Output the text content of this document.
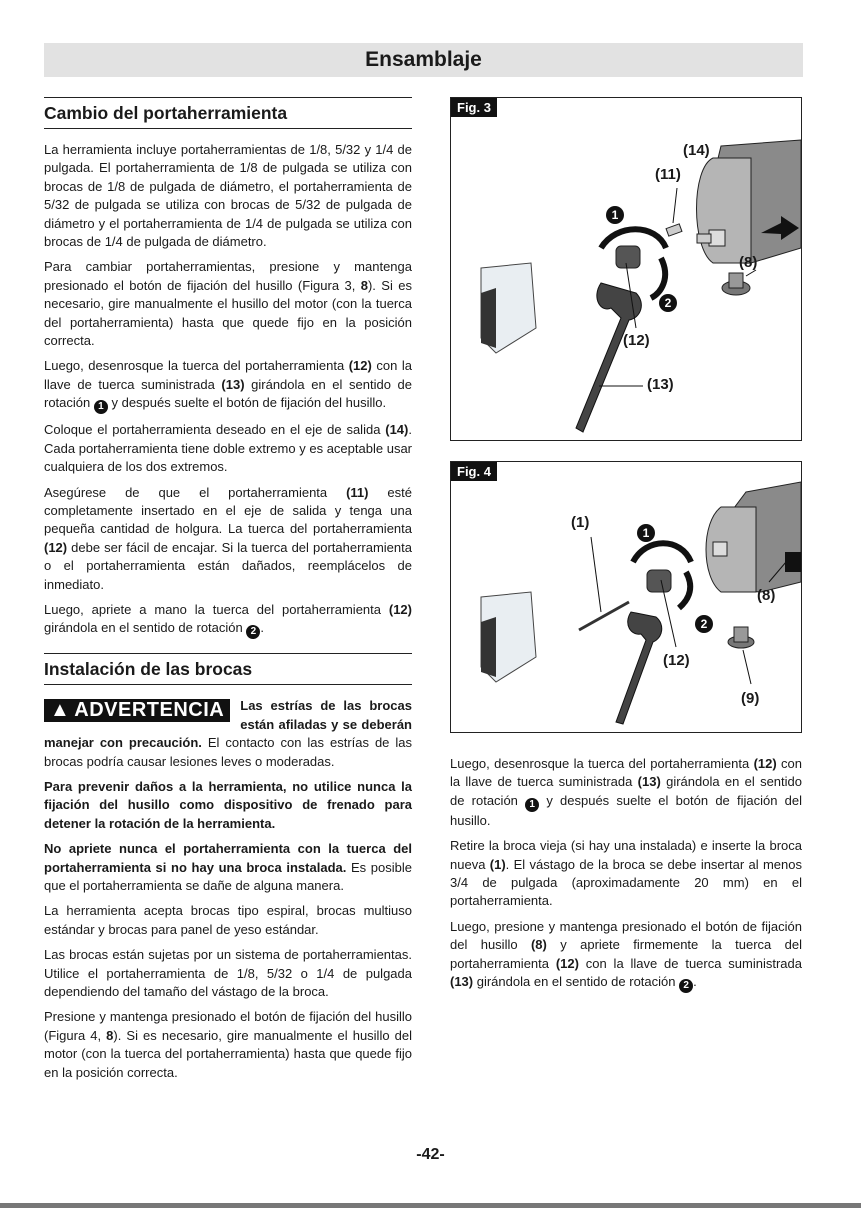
Ensamblaje
Cambio del portaherramienta

La herramienta incluye portaherramientas de 1/8, 5/32 y 1/4 de pulgada. El portaherramienta de 1/8 de pulgada se utiliza con brocas de 1/8 de pulgada de diámetro, el portaherramienta de 5/32 de pulgada se utiliza con brocas de 5/32 de pulgada de diámetro y el portaherramienta de 1/4 de pulgada se utiliza con brocas de 1/4 de pulgada de diámetro.

Para cambiar portaherramientas, presione y mantenga presionado el botón de fijación del husillo (Figura 3, 8). Si es necesario, gire manualmente el husillo del motor (con la tuerca del portaherramienta) hasta que quede fijo en la posición correcta.

Luego, desenrosque la tuerca del portaherramienta (12) con la llave de tuerca suministrada (13) girándola en el sentido de rotación 1 y después suelte el botón de fijación del husillo.

Coloque el portaherramienta deseado en el eje de salida (14). Cada portaherramienta tiene doble extremo y es aceptable usar cualquiera de los dos extremos.

Asegúrese de que el portaherramienta (11) esté completamente insertado en el eje de salida y tenga una pequeña cantidad de holgura. La tuerca del portaherramienta (12) debe ser fácil de encajar. Si la tuerca del portaherramienta o el portaherramienta están dañados, reemplácelos de inmediato.

Luego, apriete a mano la tuerca del portaherramienta (12) girándola en el sentido de rotación 2 .

Instalación de las brocas

▲ ADVERTENCIA	Las estrías de las brocas están afiladas y se deberán manejar con precaución. El contacto con las estrías de las brocas podría causar lesiones leves o moderadas.

Para prevenir daños a la herramienta, no utilice nunca la fijación del husillo como dispositivo de frenado para detener la rotación de la herramienta.

No apriete nunca el portaherramienta con la tuerca del portaherramienta si no hay una broca instalada. Es posible que el portaherramienta se dañe de alguna manera.

La herramienta acepta brocas tipo espiral, brocas multiuso estándar y brocas para panel de yeso estándar.

Las brocas están sujetas por un sistema de portaherramientas. Utilice el portaherramienta de 1/8, 5/32 o 1/4 de pulgada dependiendo del tamaño del vástago de la broca.

Presione y mantenga presionado el botón de fijación del husillo (Figura 4, 8). Si es necesario, gire manualmente el husillo del motor (con la tuerca del portaherramienta) hasta que quede fijo en la posición correcta.

Fig. 3
(14)
(11)
(8)
(12)
(13)
1
2
Fig. 4
(1)
(8)
(12)
(9)
1
2

Luego, desenrosque la tuerca del portaherramienta (12) con la llave de tuerca suministrada (13) girándola en el sentido de rotación 1 y después suelte el botón de fijación del husillo.

Retire la broca vieja (si hay una instalada) e inserte la broca nueva (1). El vástago de la broca se debe insertar al menos 3/4 de pulgada (aproximadamente 20 mm) en el portaherramienta.

Luego, presione y mantenga presionado el botón de fijación del husillo (8) y apriete firmemente la tuerca del portaherramienta (12) con la llave de tuerca suministrada (13) girándola en el sentido de rotación 2 .

-42-
